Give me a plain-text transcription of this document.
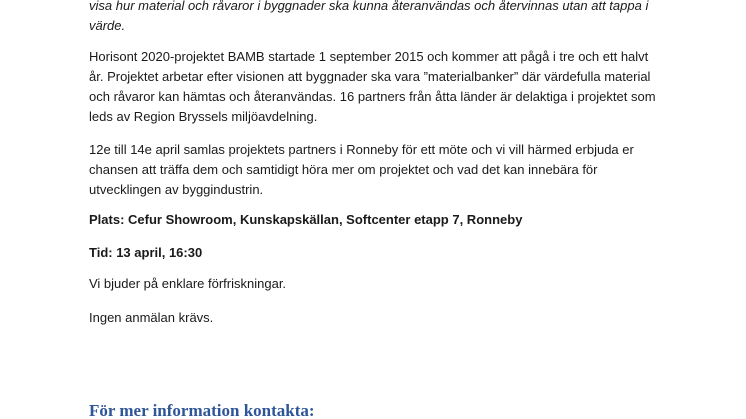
visa hur material och råvaror i byggnader ska kunna återanvändas och återvinnas utan att tappa i
värde.

Horisont 2020-projektet BAMB startade 1 september 2015 och kommer att pågå i tre och ett halvt
år. Projektet arbetar efter visionen att byggnader ska vara ”materialbanker” där värdefulla material
och råvaror kan hämtas och återanvändas. 16 partners från åtta länder är delaktiga i projektet som
leds av Region Bryssels miljöavdelning.

12e till 14e april samlas projektets partners i Ronneby för ett möte och vi vill härmed erbjuda er
chansen att träffa dem och samtidigt höra mer om projektet och vad det kan innebära för
utvecklingen av byggindustrin.

Plats: Cefur Showroom, Kunskapskällan, Softcenter etapp 7, Ronneby

Tid: 13 april, 16:30

Vi bjuder på enklare förfriskningar.

Ingen anmälan krävs.

För mer information kontakta:
